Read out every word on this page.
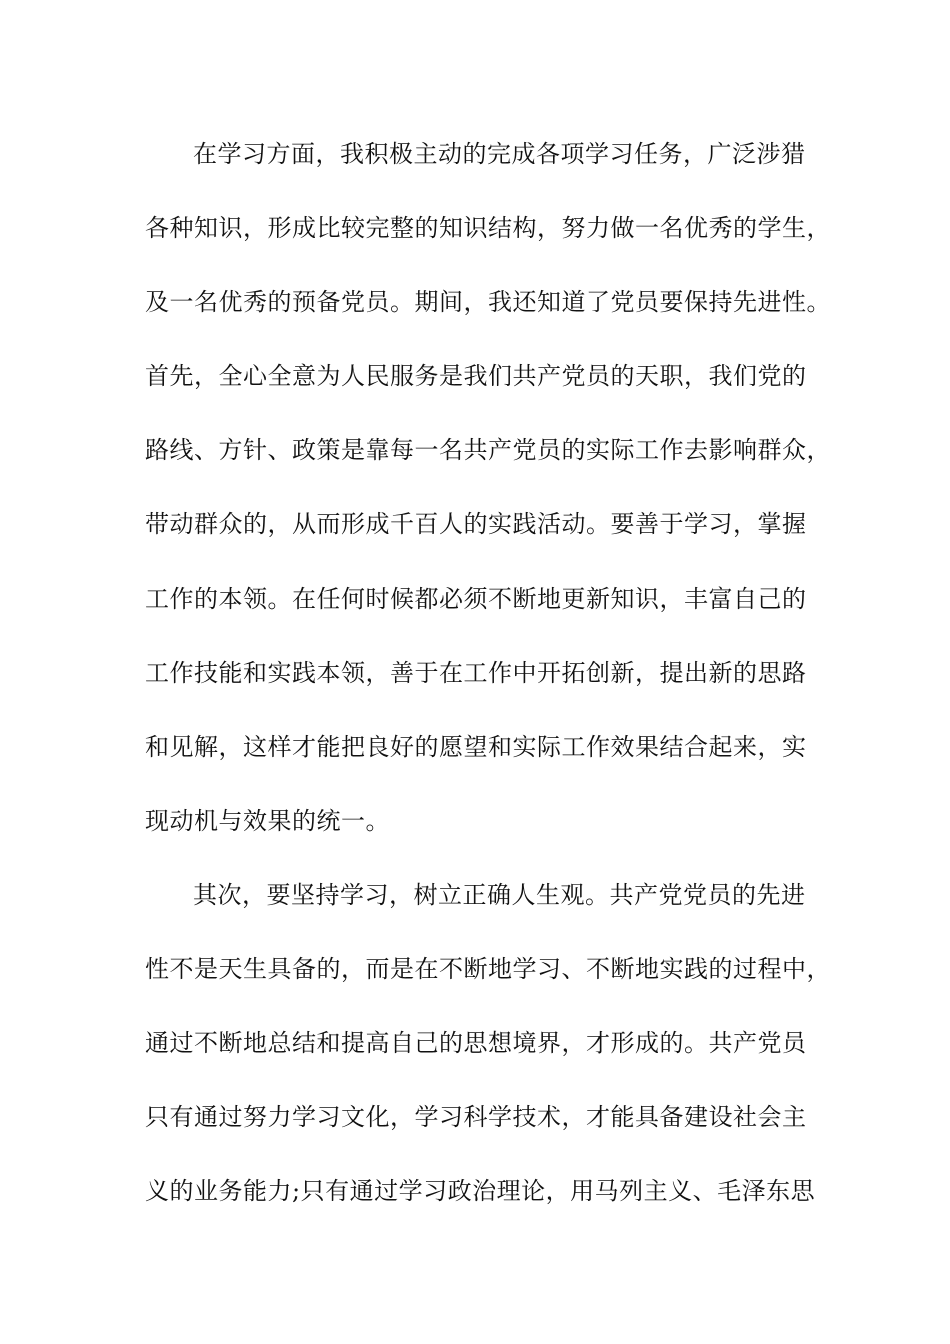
在学习方面，我积极主动的完成各项学习任务，广泛涉猎
各种知识，形成比较完整的知识结构，努力做一名优秀的学生，
及一名优秀的预备党员。期间，我还知道了党员要保持先进性。
首先，全心全意为人民服务是我们共产党员的天职，我们党的
路线、方针、政策是靠每一名共产党员的实际工作去影响群众，
带动群众的，从而形成千百人的实践活动。要善于学习，掌握
工作的本领。在任何时候都必须不断地更新知识，丰富自己的
工作技能和实践本领，善于在工作中开拓创新，提出新的思路
和见解，这样才能把良好的愿望和实际工作效果结合起来，实
现动机与效果的统一。
其次，要坚持学习，树立正确人生观。共产党党员的先进
性不是天生具备的，而是在不断地学习、不断地实践的过程中，
通过不断地总结和提高自己的思想境界，才形成的。共产党员
只有通过努力学习文化，学习科学技术，才能具备建设社会主
义的业务能力;只有通过学习政治理论，用马列主义、毛泽东思
